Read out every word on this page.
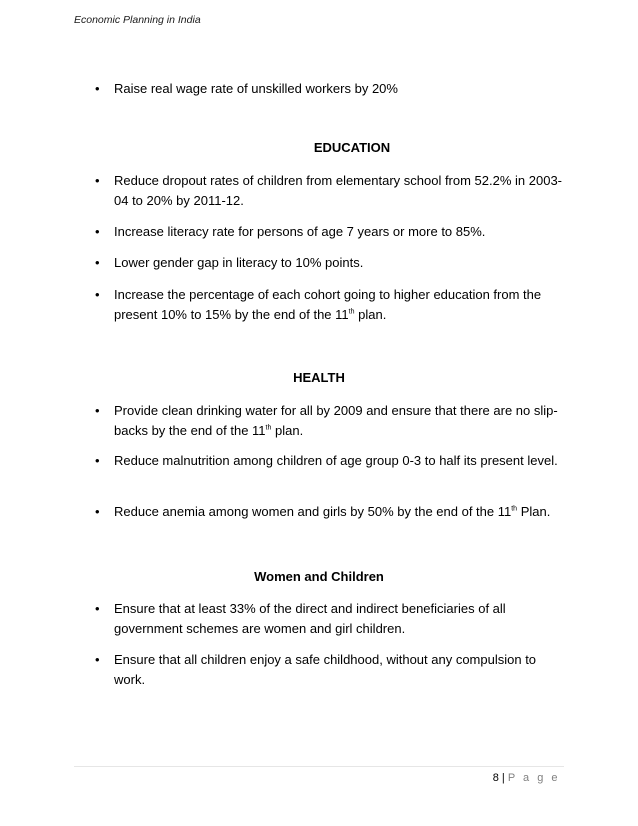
Economic Planning in India
•	Raise real wage rate of unskilled workers by 20%
EDUCATION
•	Reduce dropout rates of children from elementary school from 52.2% in 2003-04 to 20% by 2011-12.
•	Increase literacy rate for persons of age 7 years or more to 85%.
•	Lower gender gap in literacy to 10% points.
•	Increase the percentage of each cohort going to higher education from the present 10% to 15% by the end of the 11th plan.
HEALTH
•	Provide clean drinking water for all by 2009 and ensure that there are no slip-backs by the end of the 11th plan.
•	Reduce malnutrition among children of age group 0-3 to half its present level.
•	Reduce anemia among women and girls by 50% by the end of the 11th Plan.
Women and Children
•	Ensure that at least 33% of the direct and indirect beneficiaries of all government schemes are women and girl children.
•	Ensure that all children enjoy a safe childhood, without any compulsion to work.
8 | P a g e
